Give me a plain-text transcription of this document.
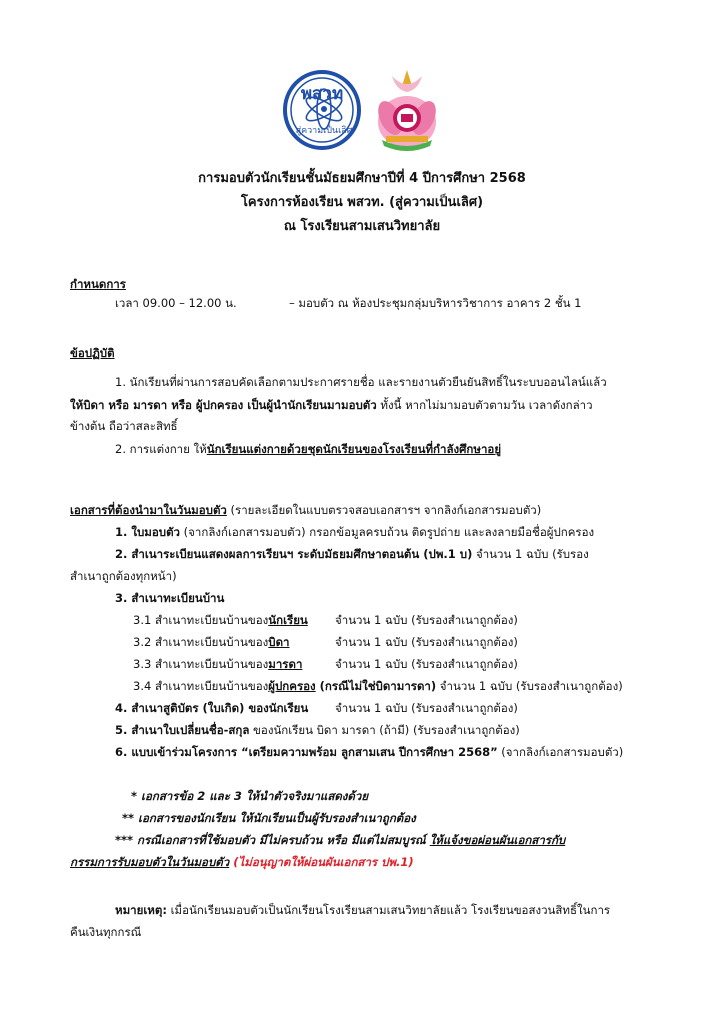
พสวท
สู่ความเป็นเลิศ
การมอบตัวนักเรียนชั้นมัธยมศึกษาปีที่ 4 ปีการศึกษา 2568
โครงการห้องเรียน พสวท. (สู่ความเป็นเลิศ)
ณ โรงเรียนสามเสนวิทยาลัย
กำหนดการ
เวลา 09.00 – 12.00 น.	– มอบตัว ณ ห้องประชุมกลุ่มบริหารวิชาการ อาคาร 2 ชั้น 1
ข้อปฏิบัติ
1. นักเรียนที่ผ่านการสอบคัดเลือกตามประกาศรายชื่อ และรายงานตัวยืนยันสิทธิ์ในระบบออนไลน์แล้ว
ให้บิดา หรือ มารดา หรือ ผู้ปกครอง เป็นผู้นำนักเรียนมามอบตัว ทั้งนี้ หากไม่มามอบตัวตามวัน เวลาดังกล่าว
ข้างต้น ถือว่าสละสิทธิ์
2. การแต่งกาย ให้นักเรียนแต่งกายด้วยชุดนักเรียนของโรงเรียนที่กำลังศึกษาอยู่
เอกสารที่ต้องนำมาในวันมอบตัว (รายละเอียดในแบบตรวจสอบเอกสารฯ จากลิงก์เอกสารมอบตัว)
1. ใบมอบตัว (จากลิงก์เอกสารมอบตัว) กรอกข้อมูลครบถ้วน ติดรูปถ่าย และลงลายมือชื่อผู้ปกครอง
2. สำเนาระเบียนแสดงผลการเรียนฯ ระดับมัธยมศึกษาตอนต้น (ปพ.1 บ) จำนวน 1 ฉบับ (รับรอง
สำเนาถูกต้องทุกหน้า)
3. สำเนาทะเบียนบ้าน
3.1 สำเนาทะเบียนบ้านของนักเรียน จำนวน 1 ฉบับ (รับรองสำเนาถูกต้อง)
3.2 สำเนาทะเบียนบ้านของบิดา	จำนวน 1 ฉบับ (รับรองสำเนาถูกต้อง)
3.3 สำเนาทะเบียนบ้านของมารดา	จำนวน 1 ฉบับ (รับรองสำเนาถูกต้อง)
3.4 สำเนาทะเบียนบ้านของผู้ปกครอง (กรณีไม่ใช่บิดามารดา) จำนวน 1 ฉบับ (รับรองสำเนาถูกต้อง)
4. สำเนาสูติบัตร (ใบเกิด) ของนักเรียน จำนวน 1 ฉบับ (รับรองสำเนาถูกต้อง)
5. สำเนาใบเปลี่ยนชื่อ-สกุล ของนักเรียน บิดา มารดา (ถ้ามี) (รับรองสำเนาถูกต้อง)
6. แบบเข้าร่วมโครงการ “เตรียมความพร้อม ลูกสามเสน ปีการศึกษา 2568” (จากลิงก์เอกสารมอบตัว)
* เอกสารข้อ 2 และ 3 ให้นำตัวจริงมาแสดงด้วย
** เอกสารของนักเรียน ให้นักเรียนเป็นผู้รับรองสำเนาถูกต้อง
*** กรณีเอกสารที่ใช้มอบตัว มีไม่ครบถ้วน หรือ มีแต่ไม่สมบูรณ์ ให้แจ้งขอผ่อนผันเอกสารกับ
กรรมการรับมอบตัวในวันมอบตัว (ไม่อนุญาตให้ผ่อนผันเอกสาร ปพ.1)
หมายเหตุ: เมื่อนักเรียนมอบตัวเป็นนักเรียนโรงเรียนสามเสนวิทยาลัยแล้ว โรงเรียนขอสงวนสิทธิ์ในการ
คืนเงินทุกกรณี
